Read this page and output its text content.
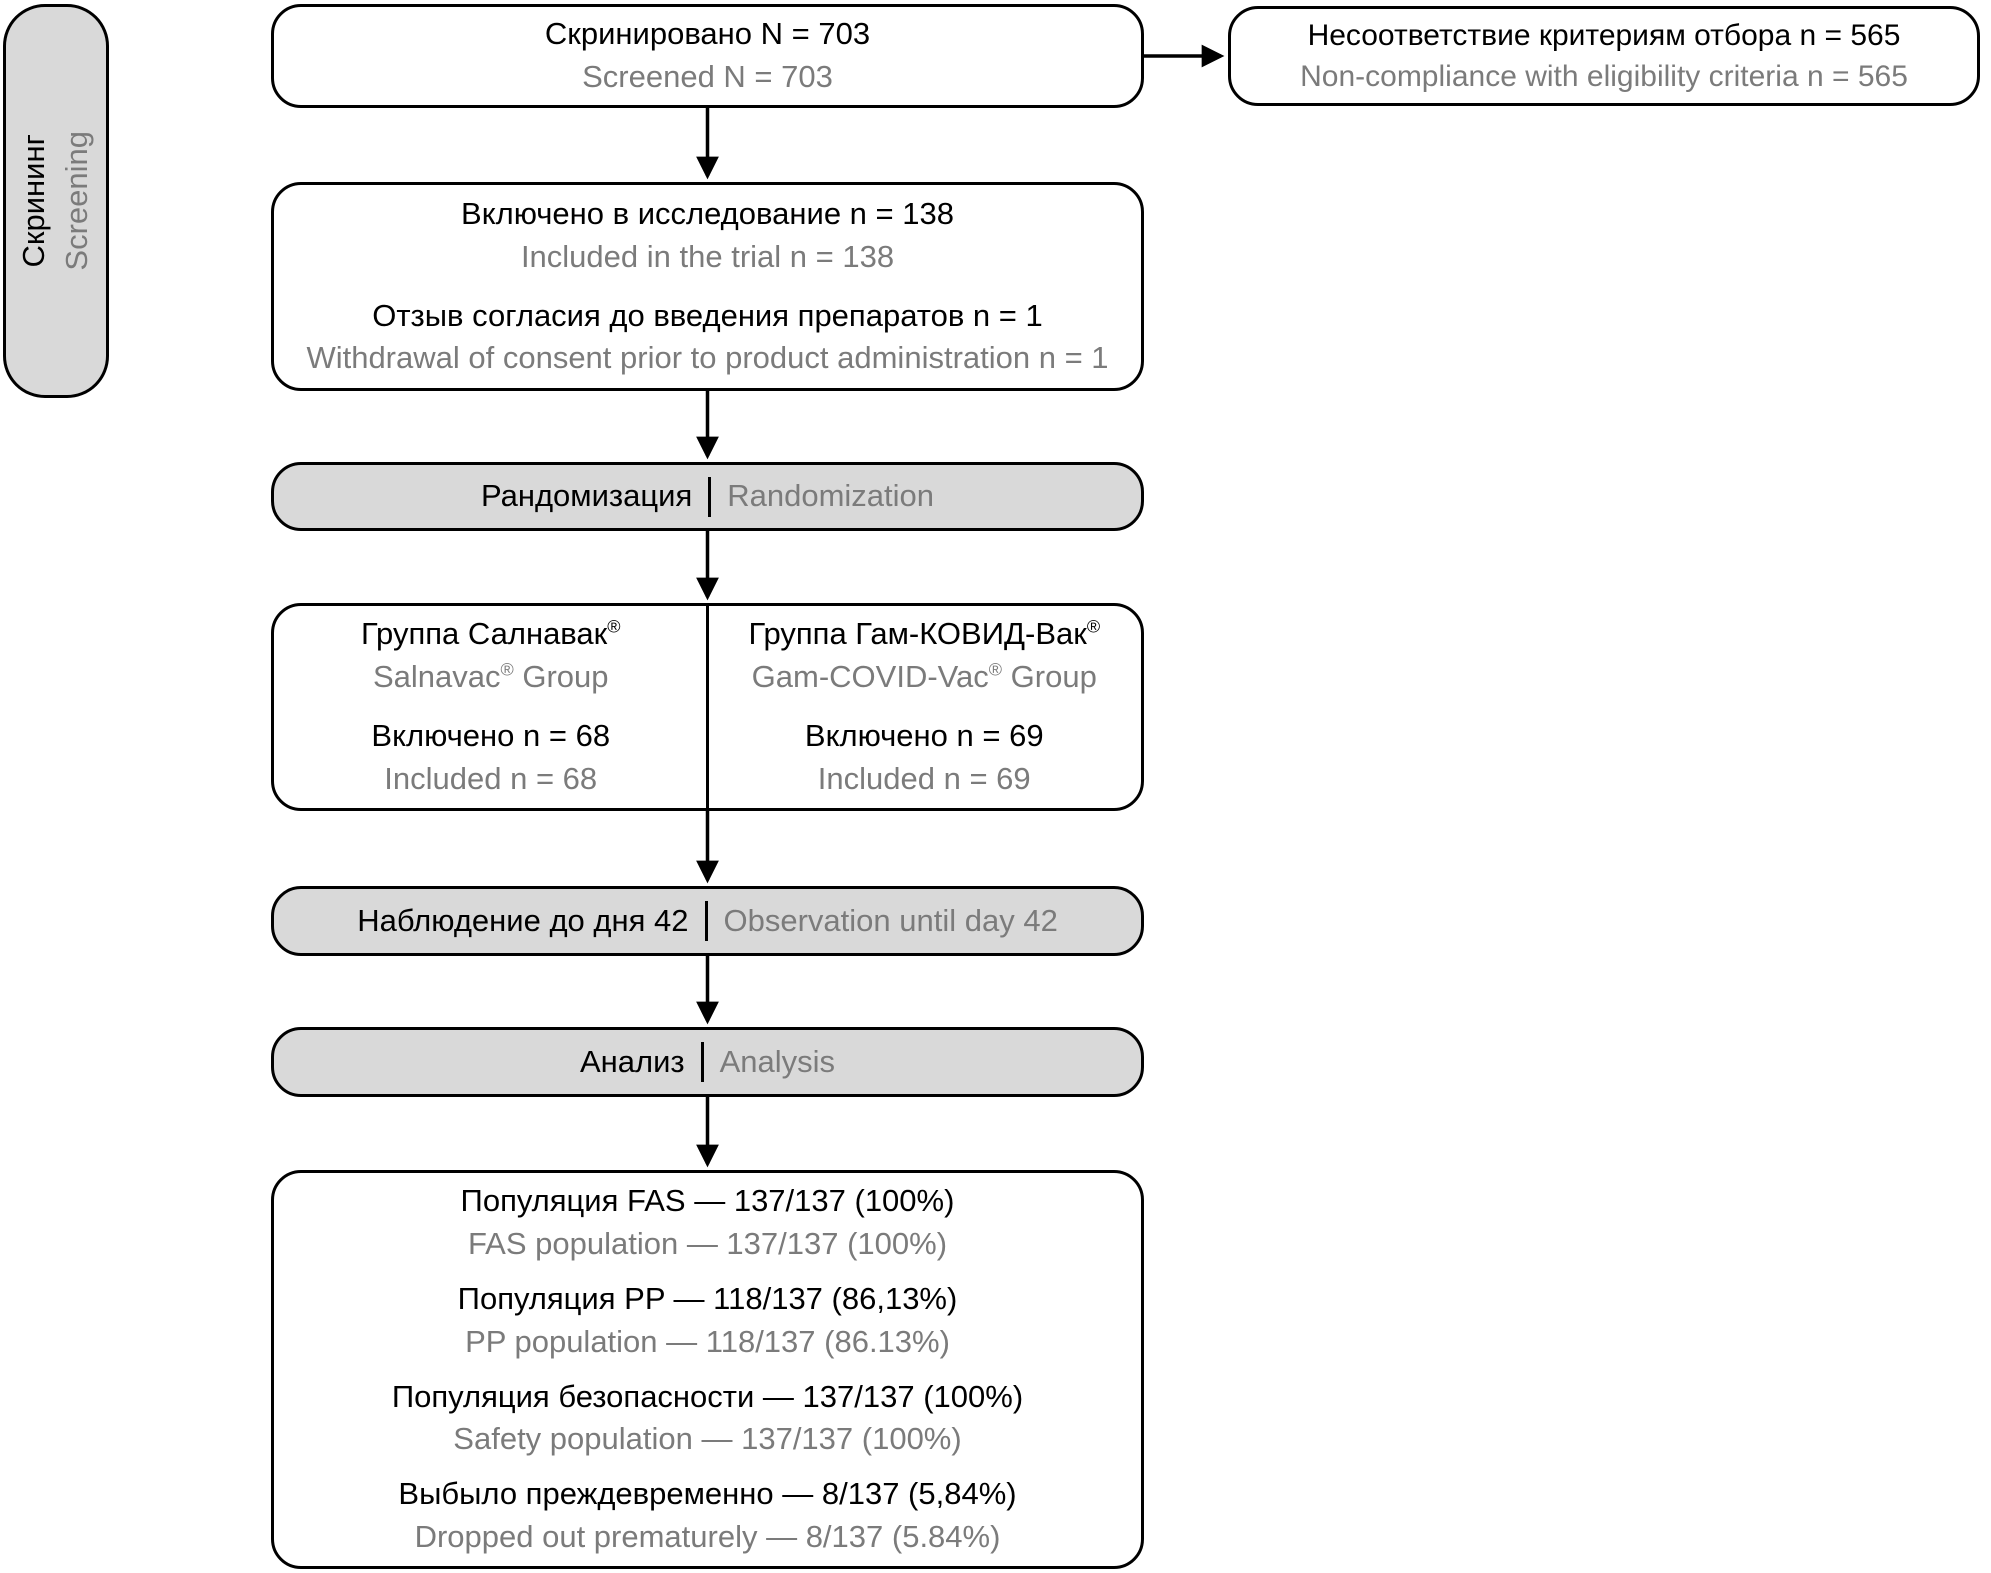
Скрининг Screening
Скринировано N = 703
Screened N = 703
Несоответствие критериям отбора n = 565
Non-compliance with eligibility criteria n = 565
Включено в исследование n = 138
Included in the trial n = 138
Отзыв согласия до введения препаратов n = 1
Withdrawal of consent prior to product administration n = 1
Рандомизация Randomization
Группа Салнавак®
Salnavac® Group
Включено n = 68
Included n = 68
Группа Гам-КОВИД-Вак®
Gam-COVID-Vac® Group
Включено n = 69
Included n = 69
Наблюдение до дня 42 Observation until day 42
Анализ Analysis
Популяция FAS — 137/137 (100%)
FAS population — 137/137 (100%)
Популяция PP — 118/137 (86,13%)
PP population — 118/137 (86.13%)
Популяция безопасности — 137/137 (100%)
Safety population — 137/137 (100%)
Выбыло преждевременно — 8/137 (5,84%)
Dropped out prematurely — 8/137 (5.84%)
